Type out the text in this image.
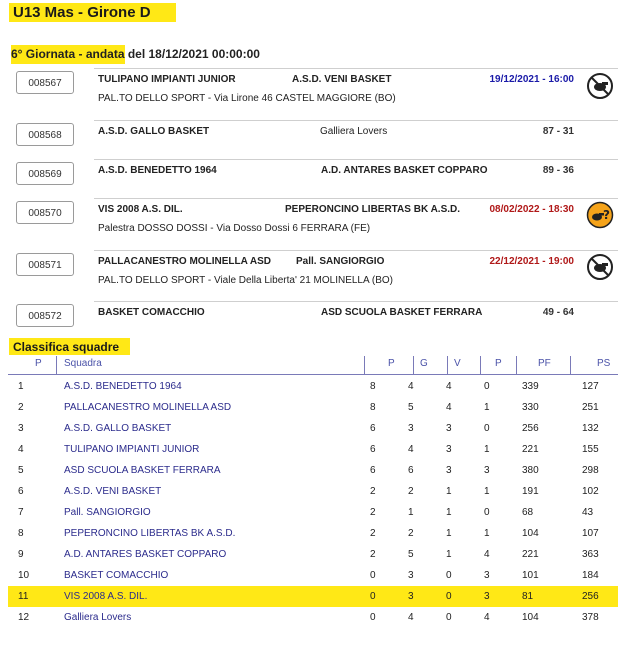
U13 Mas - Girone D
6° Giornata - andata del 18/12/2021 00:00:00
008567	TULIPANO IMPIANTI JUNIOR	A.S.D. VENI BASKET	19/12/2021 - 16:00
PAL.TO DELLO SPORT - Via Lirone 46 CASTEL MAGGIORE (BO)
008568	A.S.D. GALLO BASKET	Galliera Lovers	87 - 31
008569	A.S.D. BENEDETTO 1964	A.D. ANTARES BASKET COPPARO	89 - 36
008570	VIS 2008 A.S. DIL.	PEPERONCINO LIBERTAS BK A.S.D.	08/02/2022 - 18:30
Palestra DOSSO DOSSI - Via Dosso Dossi 6 FERRARA (FE)
?
008571	PALLACANESTRO MOLINELLA ASD	Pall. SANGIORGIO	22/12/2021 - 19:00
PAL.TO DELLO SPORT - Viale Della Liberta' 21 MOLINELLA (BO)
008572	BASKET COMACCHIO	ASD SCUOLA BASKET FERRARA	49 - 64
Classifica squadre
P Squadra	P	G	V	P	PF	PS
1	A.S.D. BENEDETTO 1964	8	4	4	0	339	127
2	PALLACANESTRO MOLINELLA ASD	8	5	4	1	330	251
3	A.S.D. GALLO BASKET	6	3	3	0	256	132
4	TULIPANO IMPIANTI JUNIOR	6	4	3	1	221	155
5	ASD SCUOLA BASKET FERRARA	6	6	3	3	380	298
6	A.S.D. VENI BASKET	2	2	1	1	191	102
7	Pall. SANGIORGIO	2	1	1	0	68	43
8	PEPERONCINO LIBERTAS BK A.S.D.	2	2	1	1	104	107
9	A.D. ANTARES BASKET COPPARO	2	5	1	4	221	363
10	BASKET COMACCHIO	0	3	0	3	101	184
11	VIS 2008 A.S. DIL.	0	3	0	3	81	256
12	Galliera Lovers	0	4	0	4	104	378
